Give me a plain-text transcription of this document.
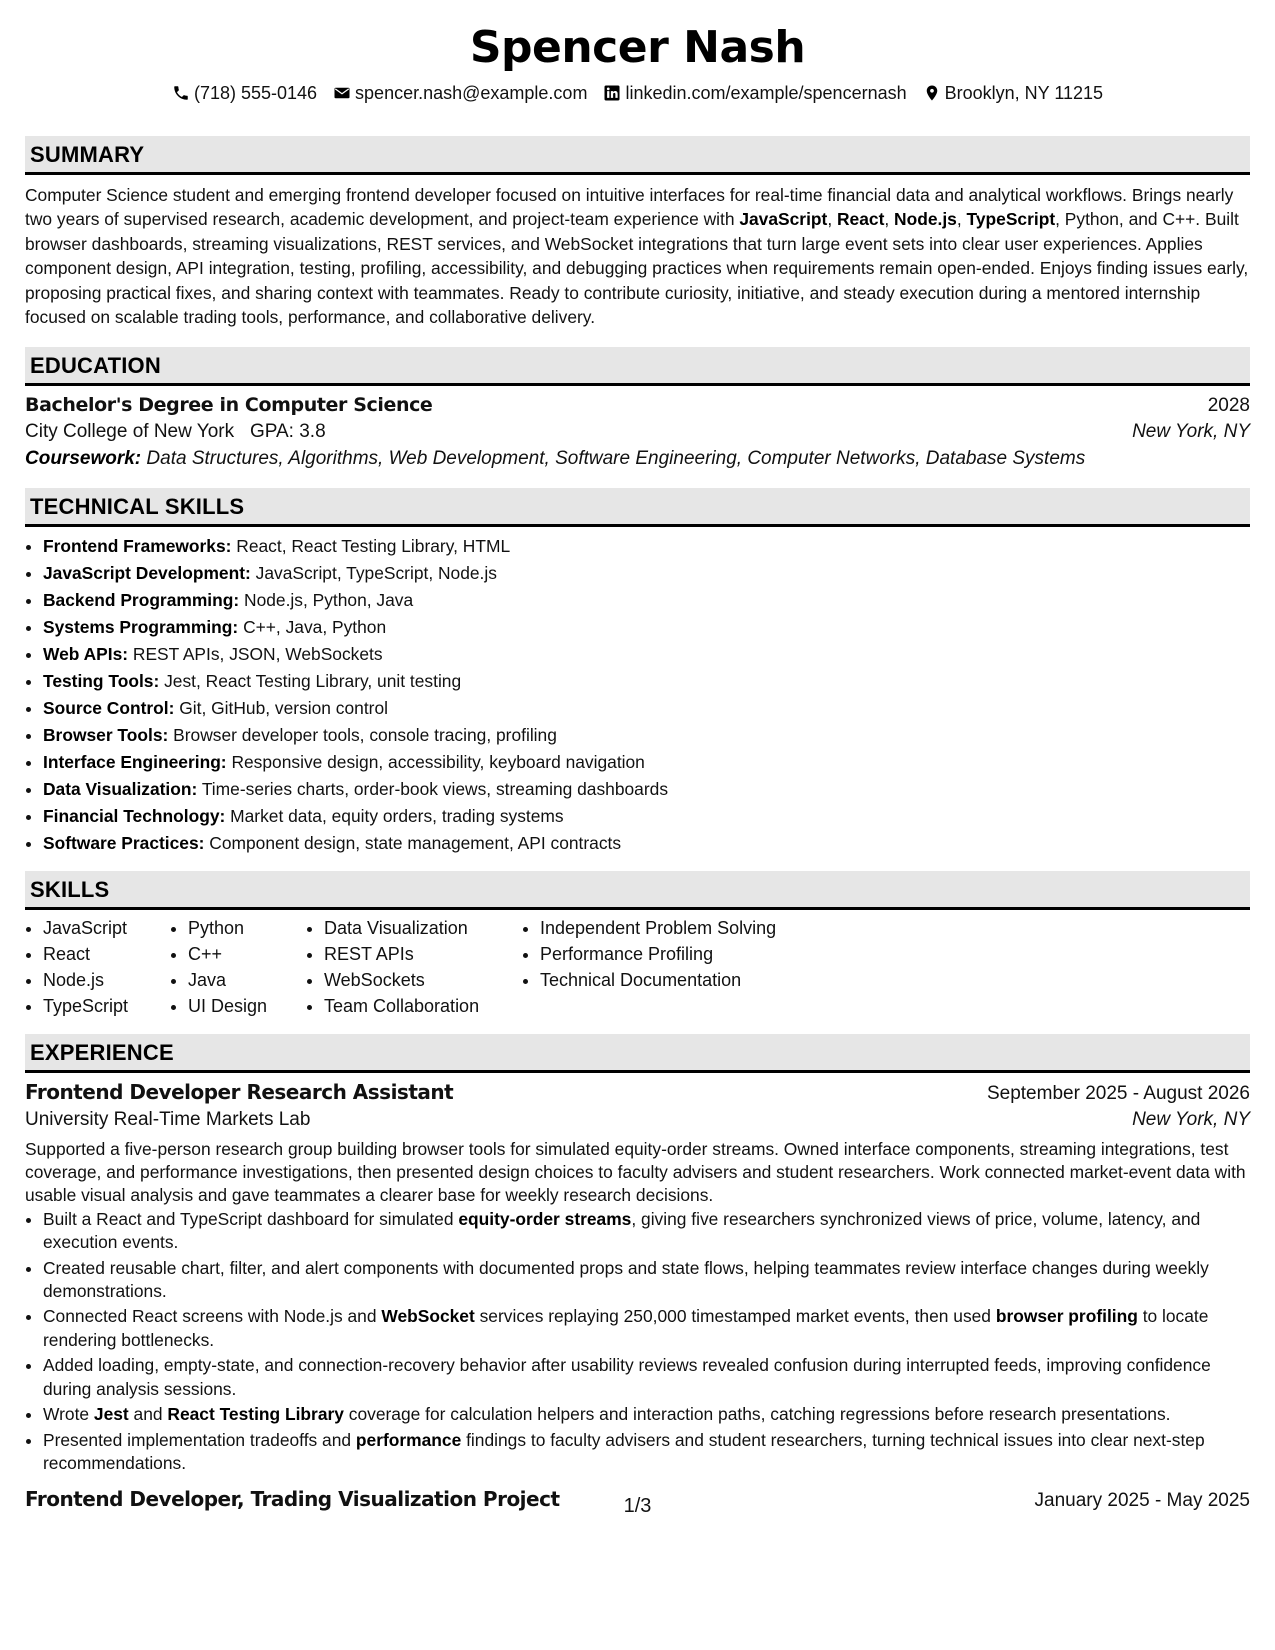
Spencer Nash
(718) 555-0146 spencer.nash@example.com linkedin.com/example/spencernash Brooklyn, NY 11215
SUMMARY
Computer Science student and emerging frontend developer focused on intuitive interfaces for real-time financial data and analytical workflows. Brings nearly two years of supervised research, academic development, and project-team experience with JavaScript, React, Node.js, TypeScript, Python, and C++. Built browser dashboards, streaming visualizations, REST services, and WebSocket integrations that turn large event sets into clear user experiences. Applies component design, API integration, testing, profiling, accessibility, and debugging practices when requirements remain open-ended. Enjoys finding issues early, proposing practical fixes, and sharing context with teammates. Ready to contribute curiosity, initiative, and steady execution during a mentored internship focused on scalable trading tools, performance, and collaborative delivery.
EDUCATION
Bachelor's Degree in Computer Science	2028
City College of New York GPA: 3.8	New York, NY
Coursework: Data Structures, Algorithms, Web Development, Software Engineering, Computer Networks, Database Systems
TECHNICAL SKILLS
• Frontend Frameworks: React, React Testing Library, HTML
• JavaScript Development: JavaScript, TypeScript, Node.js
• Backend Programming: Node.js, Python, Java
• Systems Programming: C++, Java, Python
• Web APIs: REST APIs, JSON, WebSockets
• Testing Tools: Jest, React Testing Library, unit testing
• Source Control: Git, GitHub, version control
• Browser Tools: Browser developer tools, console tracing, profiling
• Interface Engineering: Responsive design, accessibility, keyboard navigation
• Data Visualization: Time-series charts, order-book views, streaming dashboards
• Financial Technology: Market data, equity orders, trading systems
• Software Practices: Component design, state management, API contracts
SKILLS
• JavaScript
• React
• Node.js
• TypeScript
• Python
• C++
• Java
• UI Design
• Data Visualization
• REST APIs
• WebSockets
• Team Collaboration
• Independent Problem Solving
• Performance Profiling
• Technical Documentation
EXPERIENCE
Frontend Developer Research Assistant	September 2025 - August 2026
University Real-Time Markets Lab	New York, NY
Supported a five-person research group building browser tools for simulated equity-order streams. Owned interface components, streaming integrations, test coverage, and performance investigations, then presented design choices to faculty advisers and student researchers. Work connected market-event data with usable visual analysis and gave teammates a clearer base for weekly research decisions.
• Built a React and TypeScript dashboard for simulated equity-order streams, giving five researchers synchronized views of price, volume, latency, and execution events.
• Created reusable chart, filter, and alert components with documented props and state flows, helping teammates review interface changes during weekly demonstrations.
• Connected React screens with Node.js and WebSocket services replaying 250,000 timestamped market events, then used browser profiling to locate rendering bottlenecks.
• Added loading, empty-state, and connection-recovery behavior after usability reviews revealed confusion during interrupted feeds, improving confidence during analysis sessions.
• Wrote Jest and React Testing Library coverage for calculation helpers and interaction paths, catching regressions before research presentations.
• Presented implementation tradeoffs and performance findings to faculty advisers and student researchers, turning technical issues into clear next-step recommendations.
Frontend Developer, Trading Visualization Project	January 2025 - May 2025
1/3
